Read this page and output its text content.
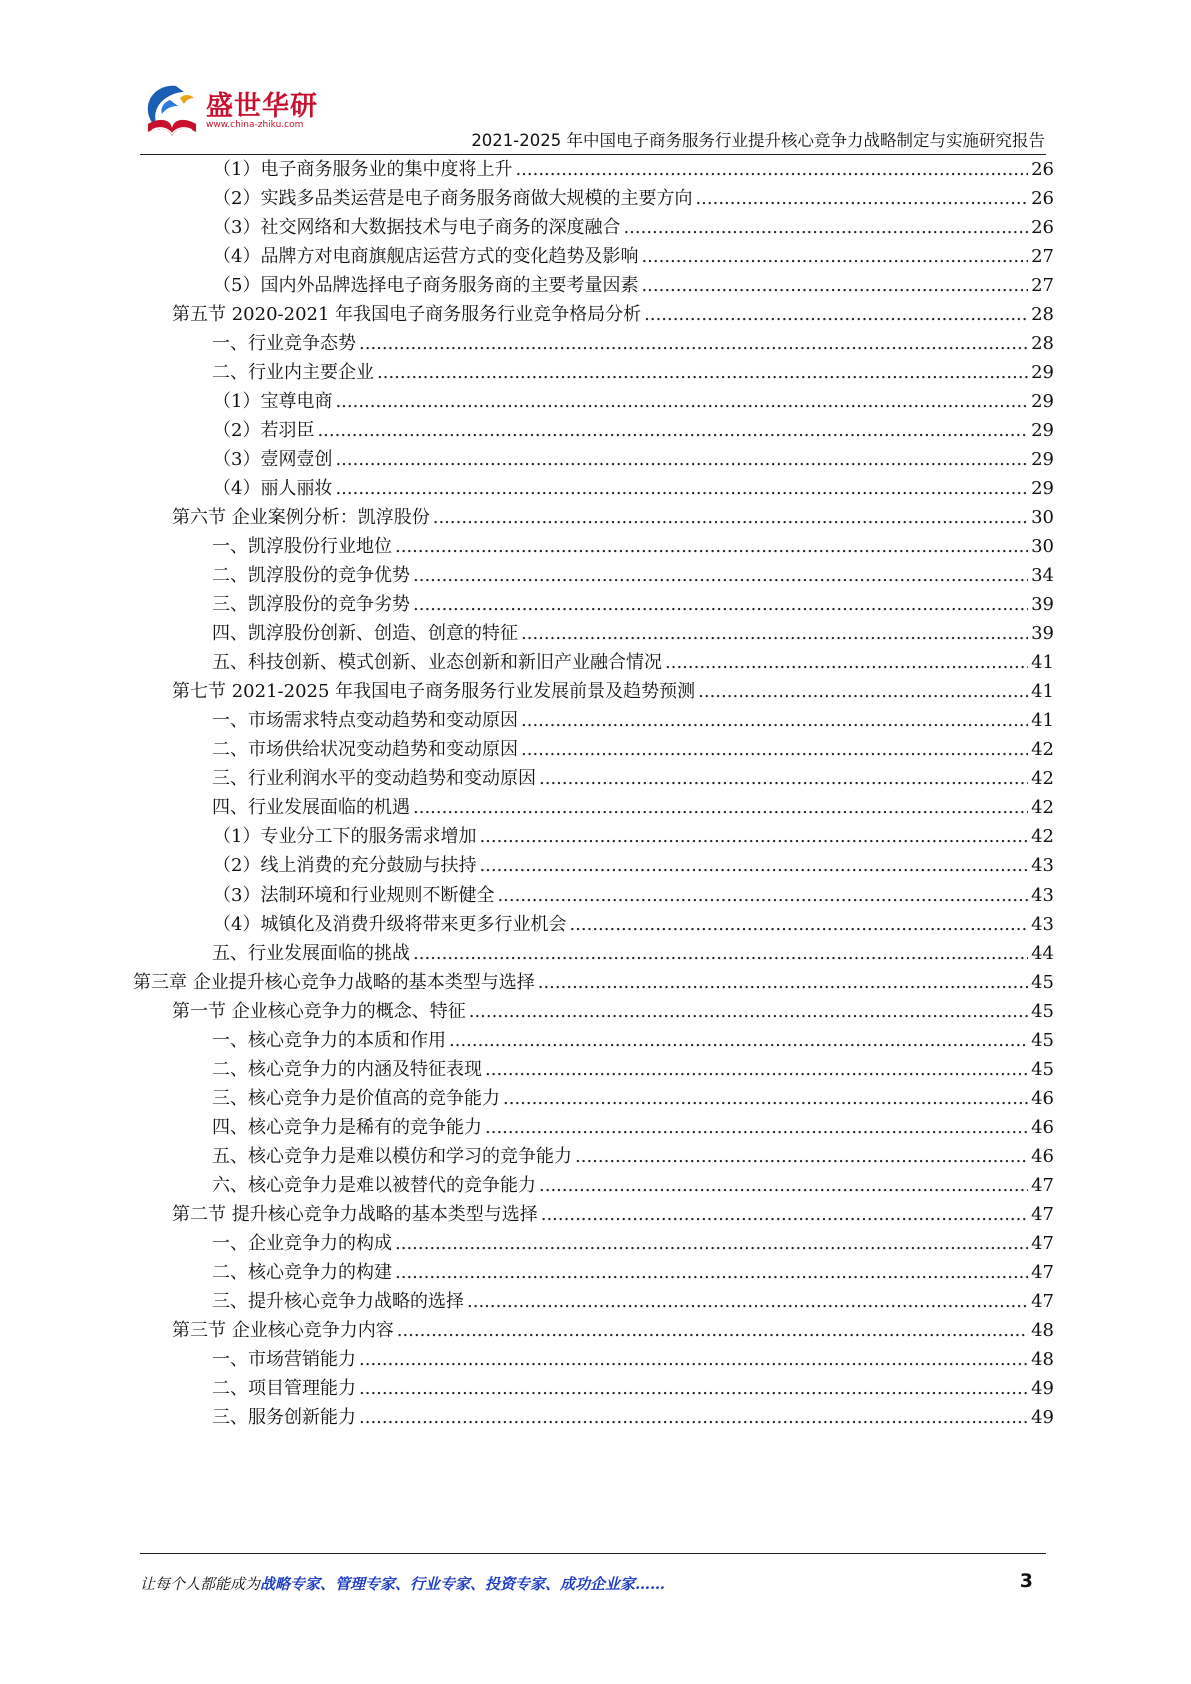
盛世华研
www.china-zhiku.com
2021-2025 年中国电子商务服务行业提升核心竞争力战略制定与实施研究报告
（1）电子商务服务业的集中度将上升 .....	26
（2）实践多品类运营是电子商务服务商做大规模的主要方向 .....	26
（3）社交网络和大数据技术与电子商务的深度融合 .....	26
（4）品牌方对电商旗舰店运营方式的变化趋势及影响 .....	27
（5）国内外品牌选择电子商务服务商的主要考量因素 .....	27
第五节 2020-2021 年我国电子商务服务行业竞争格局分析 .....	28
一、行业竞争态势 .....	28
二、行业内主要企业 .....	29
（1）宝尊电商 .....	29
（2）若羽臣 .....	29
（3）壹网壹创 .....	29
（4）丽人丽妆 .....	29
第六节 企业案例分析：凯淳股份 .....	30
一、凯淳股份行业地位 .....	30
二、凯淳股份的竞争优势 .....	34
三、凯淳股份的竞争劣势 .....	39
四、凯淳股份创新、创造、创意的特征 .....	39
五、科技创新、模式创新、业态创新和新旧产业融合情况 .....	41
第七节 2021-2025 年我国电子商务服务行业发展前景及趋势预测 .....	41
一、市场需求特点变动趋势和变动原因 .....	41
二、市场供给状况变动趋势和变动原因 .....	42
三、行业利润水平的变动趋势和变动原因 .....	42
四、行业发展面临的机遇 .....	42
（1）专业分工下的服务需求增加 .....	42
（2）线上消费的充分鼓励与扶持 .....	43
（3）法制环境和行业规则不断健全 .....	43
（4）城镇化及消费升级将带来更多行业机会 .....	43
五、行业发展面临的挑战 .....	44
第三章 企业提升核心竞争力战略的基本类型与选择 .....	45
第一节 企业核心竞争力的概念、特征 .....	45
一、核心竞争力的本质和作用 .....	45
二、核心竞争力的内涵及特征表现 .....	45
三、核心竞争力是价值高的竞争能力 .....	46
四、核心竞争力是稀有的竞争能力 .....	46
五、核心竞争力是难以模仿和学习的竞争能力 .....	46
六、核心竞争力是难以被替代的竞争能力 .....	47
第二节 提升核心竞争力战略的基本类型与选择 .....	47
一、企业竞争力的构成 .....	47
二、核心竞争力的构建 .....	47
三、提升核心竞争力战略的选择 .....	47
第三节 企业核心竞争力内容 .....	48
一、市场营销能力 .....	48
二、项目管理能力 .....	49
三、服务创新能力 .....	49
让每个人都能成为战略专家、管理专家、行业专家、投资专家、成功企业家……	3
